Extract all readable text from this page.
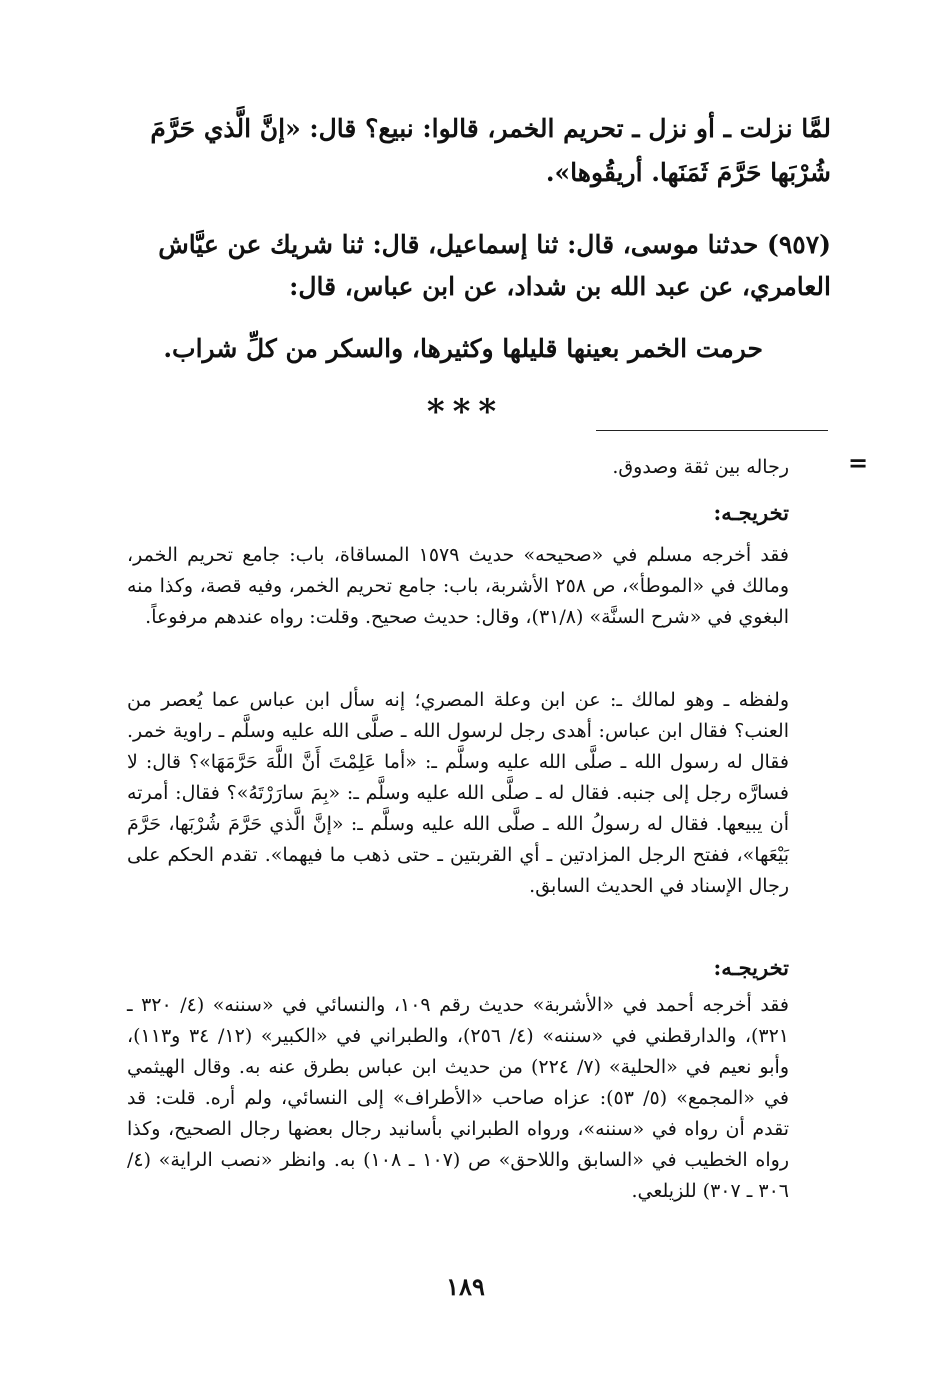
لمَّا نزلت ـ أو نزل ـ تحريم الخمر، قالوا: نبيع؟ قال: «إنَّ الَّذي حَرَّمَ

شُرْبَها حَرَّمَ ثَمَنَها. أريقُوها».

(٩٥٧) حدثنا موسى، قال: ثنا إسماعيل، قال: ثنا شريك عن عيَّاش العامري، عن عبد الله بن شداد، عن ابن عباس، قال:
حرمت الخمر بعينها قليلها وكثيرها، والسكر من كلِّ شراب.
***
=
رجاله بين ثقة وصدوق.
تخريجـه:
فقد أخرجه مسلم في «صحيحه» حديث ١٥٧٩ المساقاة، باب: جامع تحريم الخمر، ومالك في «الموطأ»، ص ٢٥٨ الأشربة، باب: جامع تحريم الخمر، وفيه قصة، وكذا منه البغوي في «شرح السنَّة» (٣١/٨)، وقال: حديث صحيح. وقلت: رواه عندهم مرفوعاً.
ولفظه ـ وهو لمالك ـ: عن ابن وعلة المصري؛ إنه سأل ابن عباس عما يُعصر من العنب؟ فقال ابن عباس: أهدى رجل لرسول الله ـ صلَّى الله عليه وسلَّم ـ راوية خمر. فقال له رسول الله ـ صلَّى الله عليه وسلَّم ـ: «أما عَلِمْتَ أَنَّ اللَّهَ حَرَّمَهَا»؟ قال: لا فسارَّه رجل إلى جنبه. فقال له ـ صلَّى الله عليه وسلَّم ـ: «بِمَ سارَرْتَهُ»؟ فقال: أمرته أن يبيعها. فقال له رسولُ الله ـ صلَّى الله عليه وسلَّم ـ: «إنَّ الَّذي حَرَّمَ شُرْبَها، حَرَّمَ بَيْعَها»، ففتح الرجل المزادتين ـ أي القربتين ـ حتى ذهب ما فيهما». تقدم الحكم على رجال الإسناد في الحديث السابق.
تخريجـه:
فقد أخرجه أحمد في «الأشربة» حديث رقم ١٠٩، والنسائي في «سننه» (٤/ ٣٢٠ ـ ٣٢١)، والدارقطني في «سننه» (٤/ ٢٥٦)، والطبراني في «الكبير» (١٢/ ٣٤ و١١٣)، وأبو نعيم في «الحلية» (٧/ ٢٢٤) من حديث ابن عباس بطرق عنه به. وقال الهيثمي في «المجمع» (٥/ ٥٣): عزاه صاحب «الأطراف» إلى النسائي، ولم أره. قلت: قد تقدم أن رواه في «سننه»، ورواه الطبراني بأسانيد رجال بعضها رجال الصحيح، وكذا رواه الخطيب في «السابق واللاحق» ص (١٠٧ ـ ١٠٨) به. وانظر «نصب الراية» (٤/ ٣٠٦ ـ ٣٠٧) للزيلعي.
١٨٩
